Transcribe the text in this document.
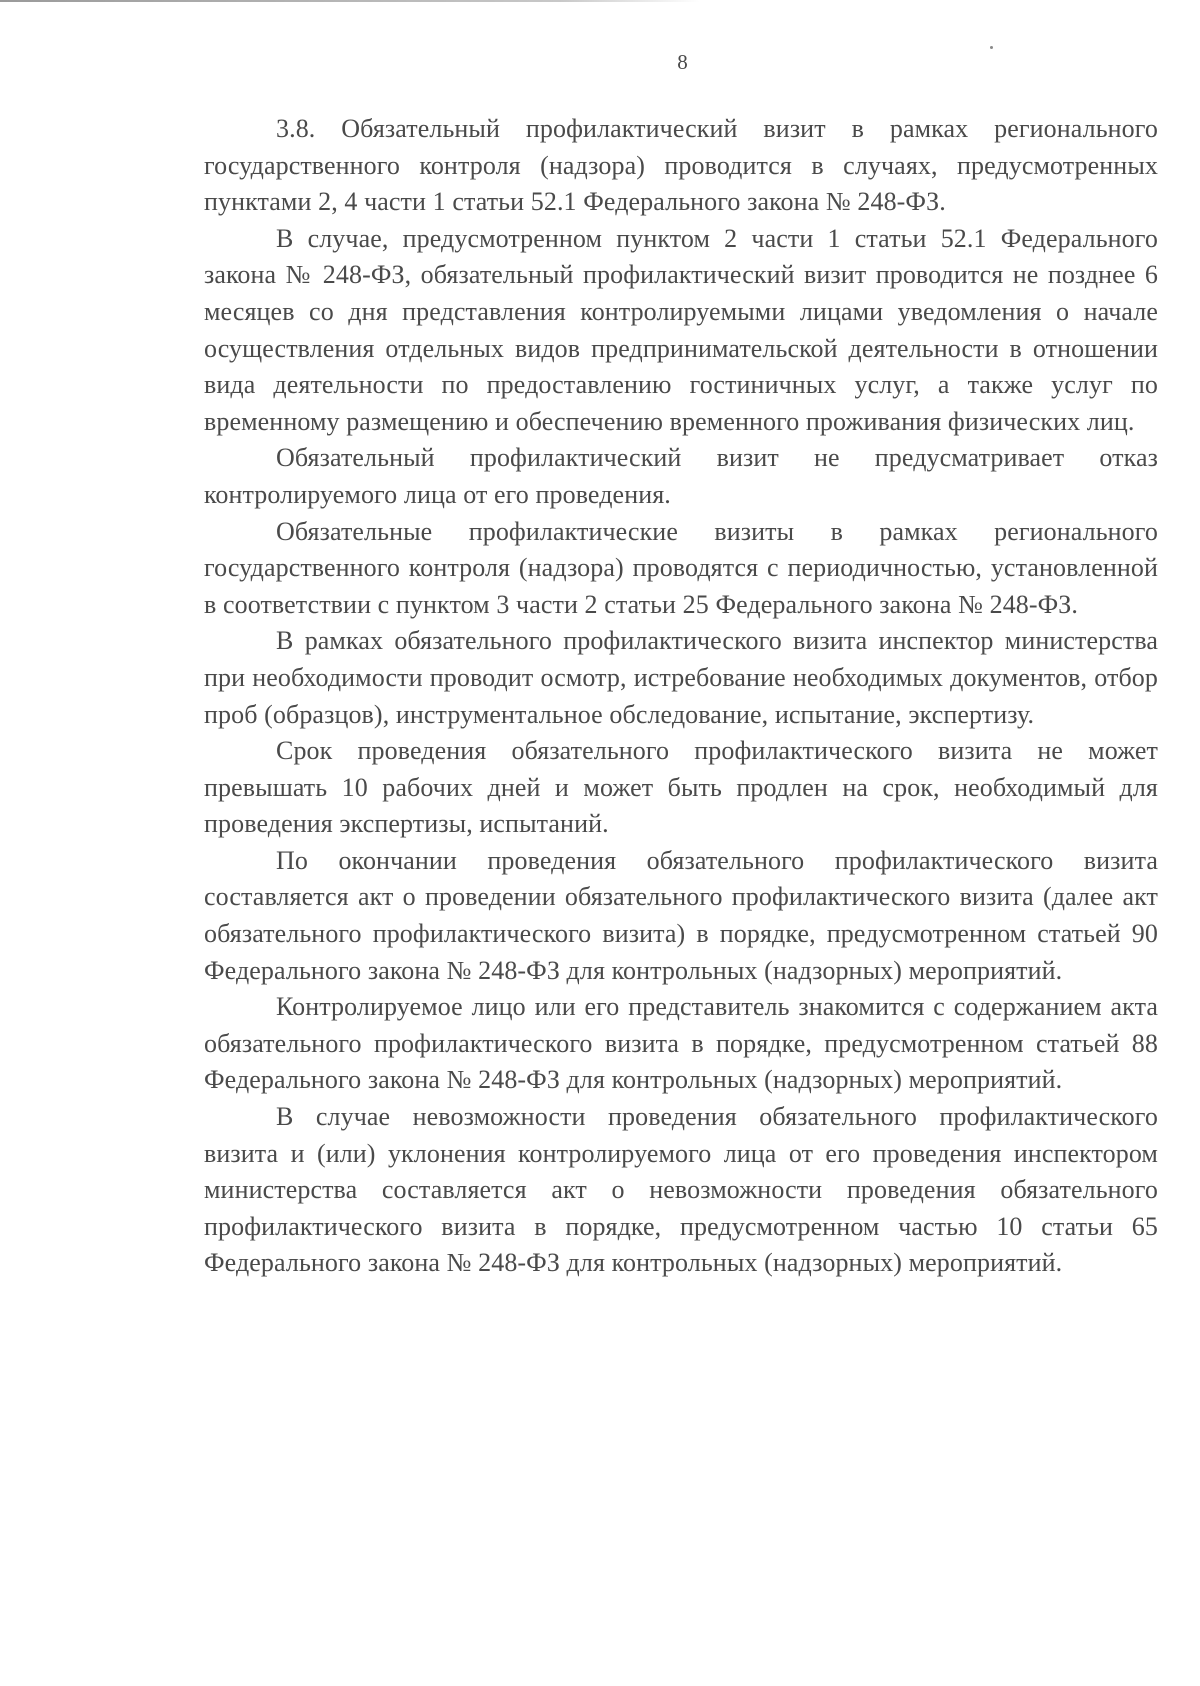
8

3.8. Обязательный профилактический визит в рамках регионального государственного контроля (надзора) проводится в случаях, предусмотренных пунктами 2, 4 части 1 статьи 52.1 Федерального закона № 248-ФЗ.

В случае, предусмотренном пунктом 2 части 1 статьи 52.1 Федерального закона № 248-ФЗ, обязательный профилактический визит проводится не позднее 6 месяцев со дня представления контролируемыми лицами уведомления о начале осуществления отдельных видов предпринимательской деятельности в отношении вида деятельности по предоставлению гостиничных услуг, а также услуг по временному размещению и обеспечению временного проживания физических лиц.

Обязательный профилактический визит не предусматривает отказ контролируемого лица от его проведения.

Обязательные профилактические визиты в рамках регионального государственного контроля (надзора) проводятся с периодичностью, установленной в соответствии с пунктом 3 части 2 статьи 25 Федерального закона № 248-ФЗ.

В рамках обязательного профилактического визита инспектор министерства при необходимости проводит осмотр, истребование необходимых документов, отбор проб (образцов), инструментальное обследование, испытание, экспертизу.

Срок проведения обязательного профилактического визита не может превышать 10 рабочих дней и может быть продлен на срок, необходимый для проведения экспертизы, испытаний.

По окончании проведения обязательного профилактического визита составляется акт о проведении обязательного профилактического визита (далее акт обязательного профилактического визита) в порядке, предусмотренном статьей 90 Федерального закона № 248-ФЗ для контрольных (надзорных) мероприятий.

Контролируемое лицо или его представитель знакомится с содержанием акта обязательного профилактического визита в порядке, предусмотренном статьей 88 Федерального закона № 248-ФЗ для контрольных (надзорных) мероприятий.

В случае невозможности проведения обязательного профилактического визита и (или) уклонения контролируемого лица от его проведения инспектором министерства составляется акт о невозможности проведения обязательного профилактического визита в порядке, предусмотренном частью 10 статьи 65 Федерального закона № 248-ФЗ для контрольных (надзорных) мероприятий.
